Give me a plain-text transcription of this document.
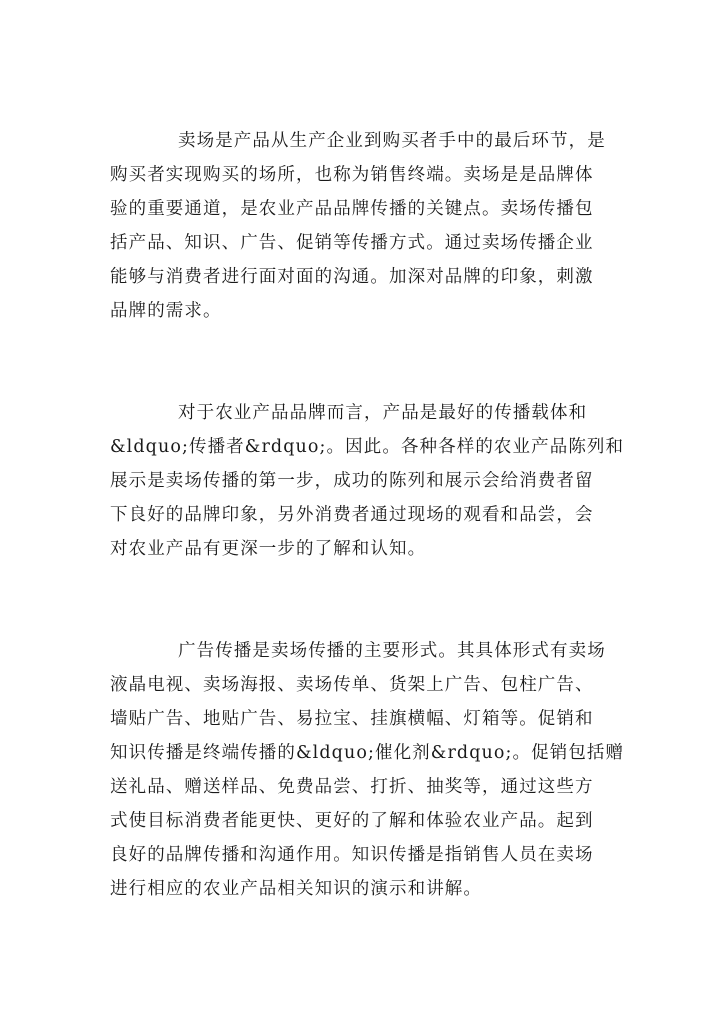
卖场是产品从生产企业到购买者手中的最后环节，是
购买者实现购买的场所，也称为销售终端。卖场是是品牌体
验的重要通道，是农业产品品牌传播的关键点。卖场传播包
括产品、知识、广告、促销等传播方式。通过卖场传播企业
能够与消费者进行面对面的沟通。加深对品牌的印象，刺激
品牌的需求。
对于农业产品品牌而言，产品是最好的传播载体和
&ldquo;传播者&rdquo;。因此。各种各样的农业产品陈列和
展示是卖场传播的第一步，成功的陈列和展示会给消费者留
下良好的品牌印象，另外消费者通过现场的观看和品尝，会
对农业产品有更深一步的了解和认知。
广告传播是卖场传播的主要形式。其具体形式有卖场
液晶电视、卖场海报、卖场传单、货架上广告、包柱广告、
墙贴广告、地贴广告、易拉宝、挂旗横幅、灯箱等。促销和
知识传播是终端传播的&ldquo;催化剂&rdquo;。促销包括赠
送礼品、赠送样品、免费品尝、打折、抽奖等，通过这些方
式使目标消费者能更快、更好的了解和体验农业产品。起到
良好的品牌传播和沟通作用。知识传播是指销售人员在卖场
进行相应的农业产品相关知识的演示和讲解。
